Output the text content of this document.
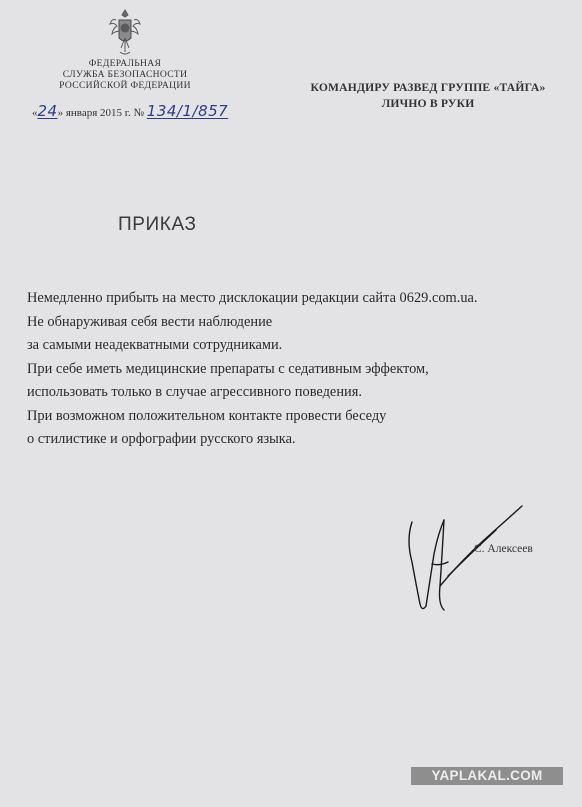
ФЕДЕРАЛЬНАЯ
СЛУЖБА БЕЗОПАСНОСТИ
РОССИЙСКОЙ ФЕДЕРАЦИИ
«24» января 2015 г. № 134/1/857
КОМАНДИРУ РАЗВЕД ГРУППЕ «ТАЙГА»
ЛИЧНО В РУКИ
ПРИКАЗ
Немедленно прибыть на место дисклокации редакции сайта 0629.com.ua.
Не обнаруживая себя вести наблюдение
за самыми неадекватными сотрудниками.
При себе иметь медицинские препараты с седативным эффектом,
использовать только в случае агрессивного поведения.
При возможном положительном контакте провести беседу
о стилистике и орфографии русского языка.
С. Алексеев
YAPLAKAL.COM
